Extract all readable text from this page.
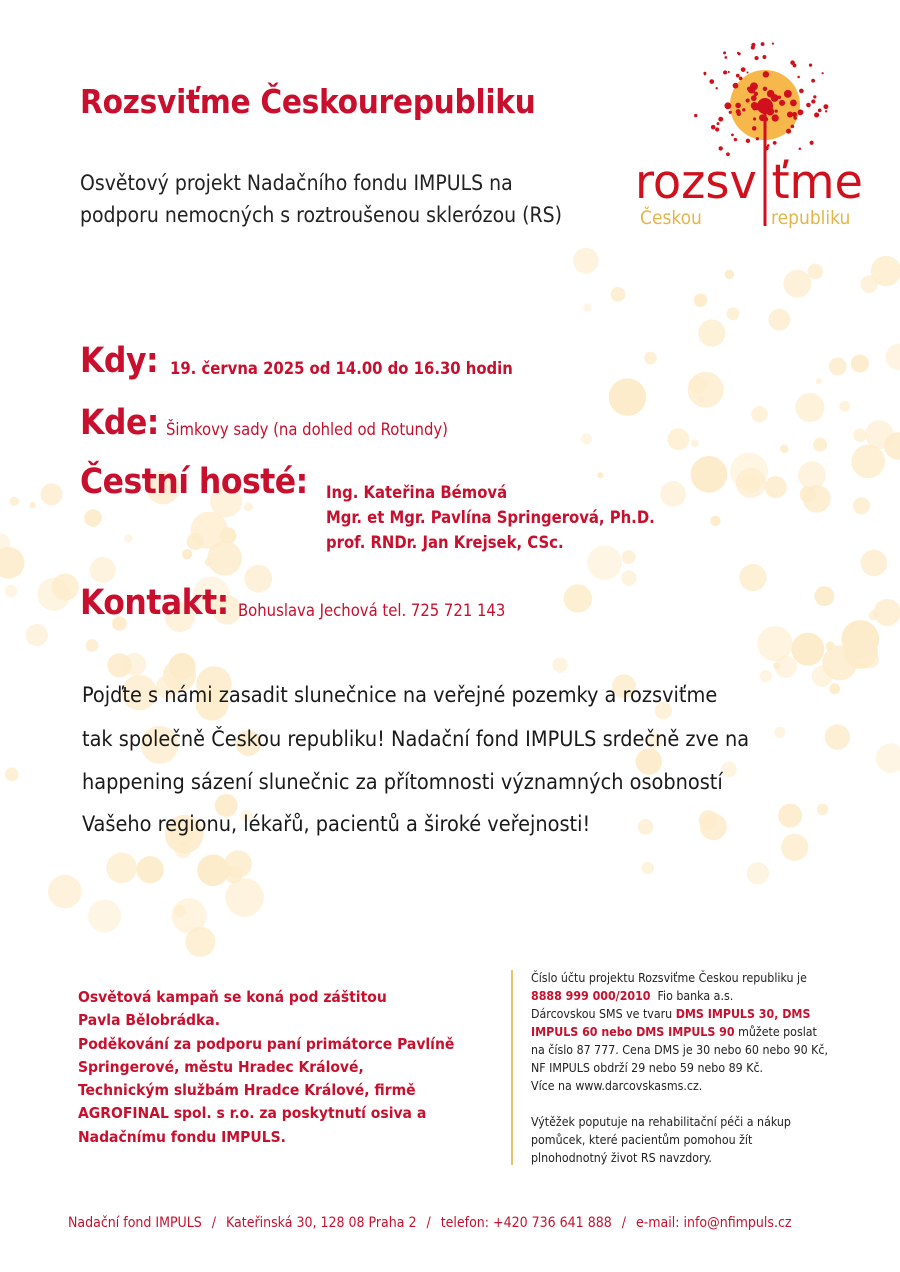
rozsv ťme
Českou	republiku
Rozsviťme Českourepubliku
Osvětový projekt Nadačního fondu IMPULS na
podporu nemocných s roztroušenou sklerózou (RS)
Kdy: 19. června 2025 od 14.00 do 16.30 hodin
Kde: Šimkovy sady (na dohled od Rotundy)
Čestní hosté: Ing. Kateřina Bémová
Mgr. et Mgr. Pavlína Springerová, Ph.D.
prof. RNDr. Jan Krejsek, CSc.
Kontakt: Bohuslava Jechová tel. 725 721 143
Pojďte s námi zasadit slunečnice na veřejné pozemky a rozsviťme
tak společně Českou republiku! Nadační fond IMPULS srdečně zve na
happening sázení slunečnic za přítomnosti významných osobností
Vašeho regionu, lékařů, pacientů a široké veřejnosti!
Osvětová kampaň se koná pod záštitou
Pavla Bělobrádka.
Poděkování za podporu paní primátorce Pavlíně
Springerové, městu Hradec Králové,
Technickým službám Hradce Králové, firmě
AGROFINAL spol. s r.o. za poskytnutí osiva a
Nadačnímu fondu IMPULS.
Číslo účtu projektu Rozsviťme Českou republiku je
8888 999 000/2010 Fio banka a.s.
Dárcovskou SMS ve tvaru DMS IMPULS 30, DMS
IMPULS 60 nebo DMS IMPULS 90 můžete poslat
na číslo 87 777. Cena DMS je 30 nebo 60 nebo 90 Kč,
NF IMPULS obdrží 29 nebo 59 nebo 89 Kč.
Více na www.darcovskasms.cz.
Výtěžek poputuje na rehabilitační péči a nákup
pomůcek, které pacientům pomohou žít
plnohodnotný život RS navzdory.
Nadační fond IMPULS / Kateřinská 30, 128 08 Praha 2 / telefon: +420 736 641 888 / e-mail: info@nfimpuls.cz
